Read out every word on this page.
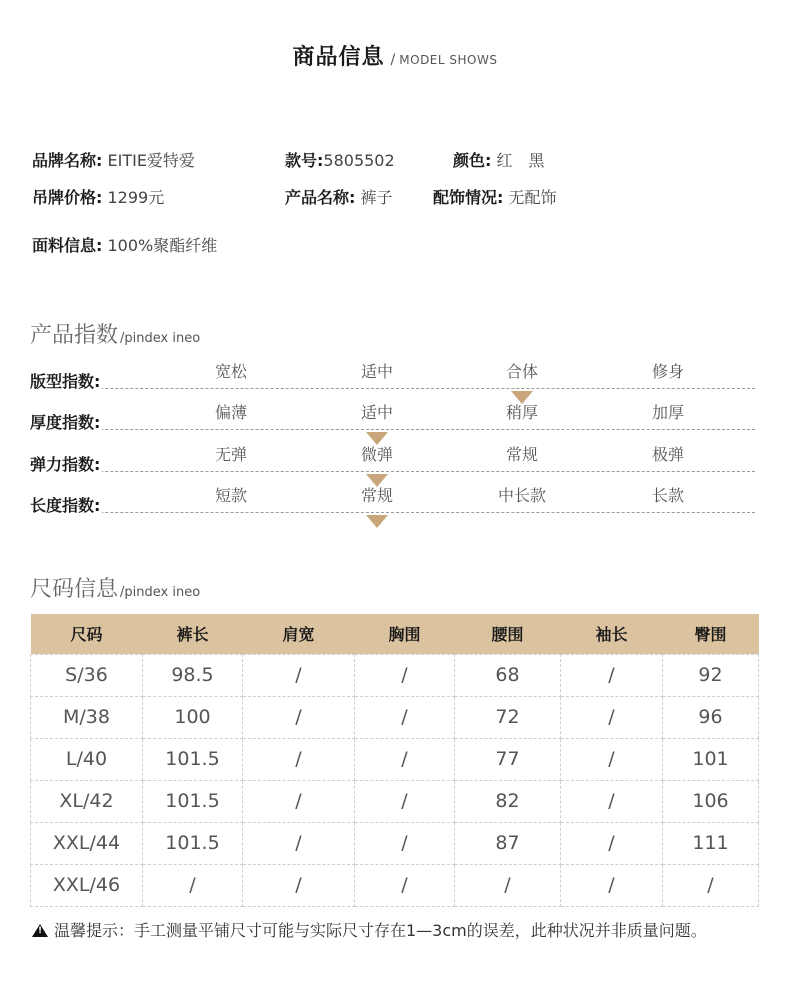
商品信息 / MODEL SHOWS
品牌名称: EITIE爱特爱	款号:5805502	颜色: 红　黑
吊牌价格: 1299元	产品名称: 裤子	配饰情况: 无配饰
面料信息: 100%聚酯纤维
产品指数 /pindex ineo
版型指数:
宽松	适中	合体	修身
厚度指数:
偏薄	适中	稍厚	加厚
弹力指数:
无弹	微弹	常规	极弹
长度指数:
短款	常规	中长款	长款
尺码信息 /pindex ineo
尺码	裤长	肩宽	胸围	腰围	袖长	臀围
S/36	98.5	/	/	68	/	92
M/38	100	/	/	72	/	96
L/40	101.5	/	/	77	/	101
XL/42	101.5	/	/	82	/	106
XXL/44	101.5	/	/	87	/	111
XXL/46	/	/	/	/	/	/
!温馨提示：手工测量平铺尺寸可能与实际尺寸存在1—3cm的误差，此种状况并非质量问题。
